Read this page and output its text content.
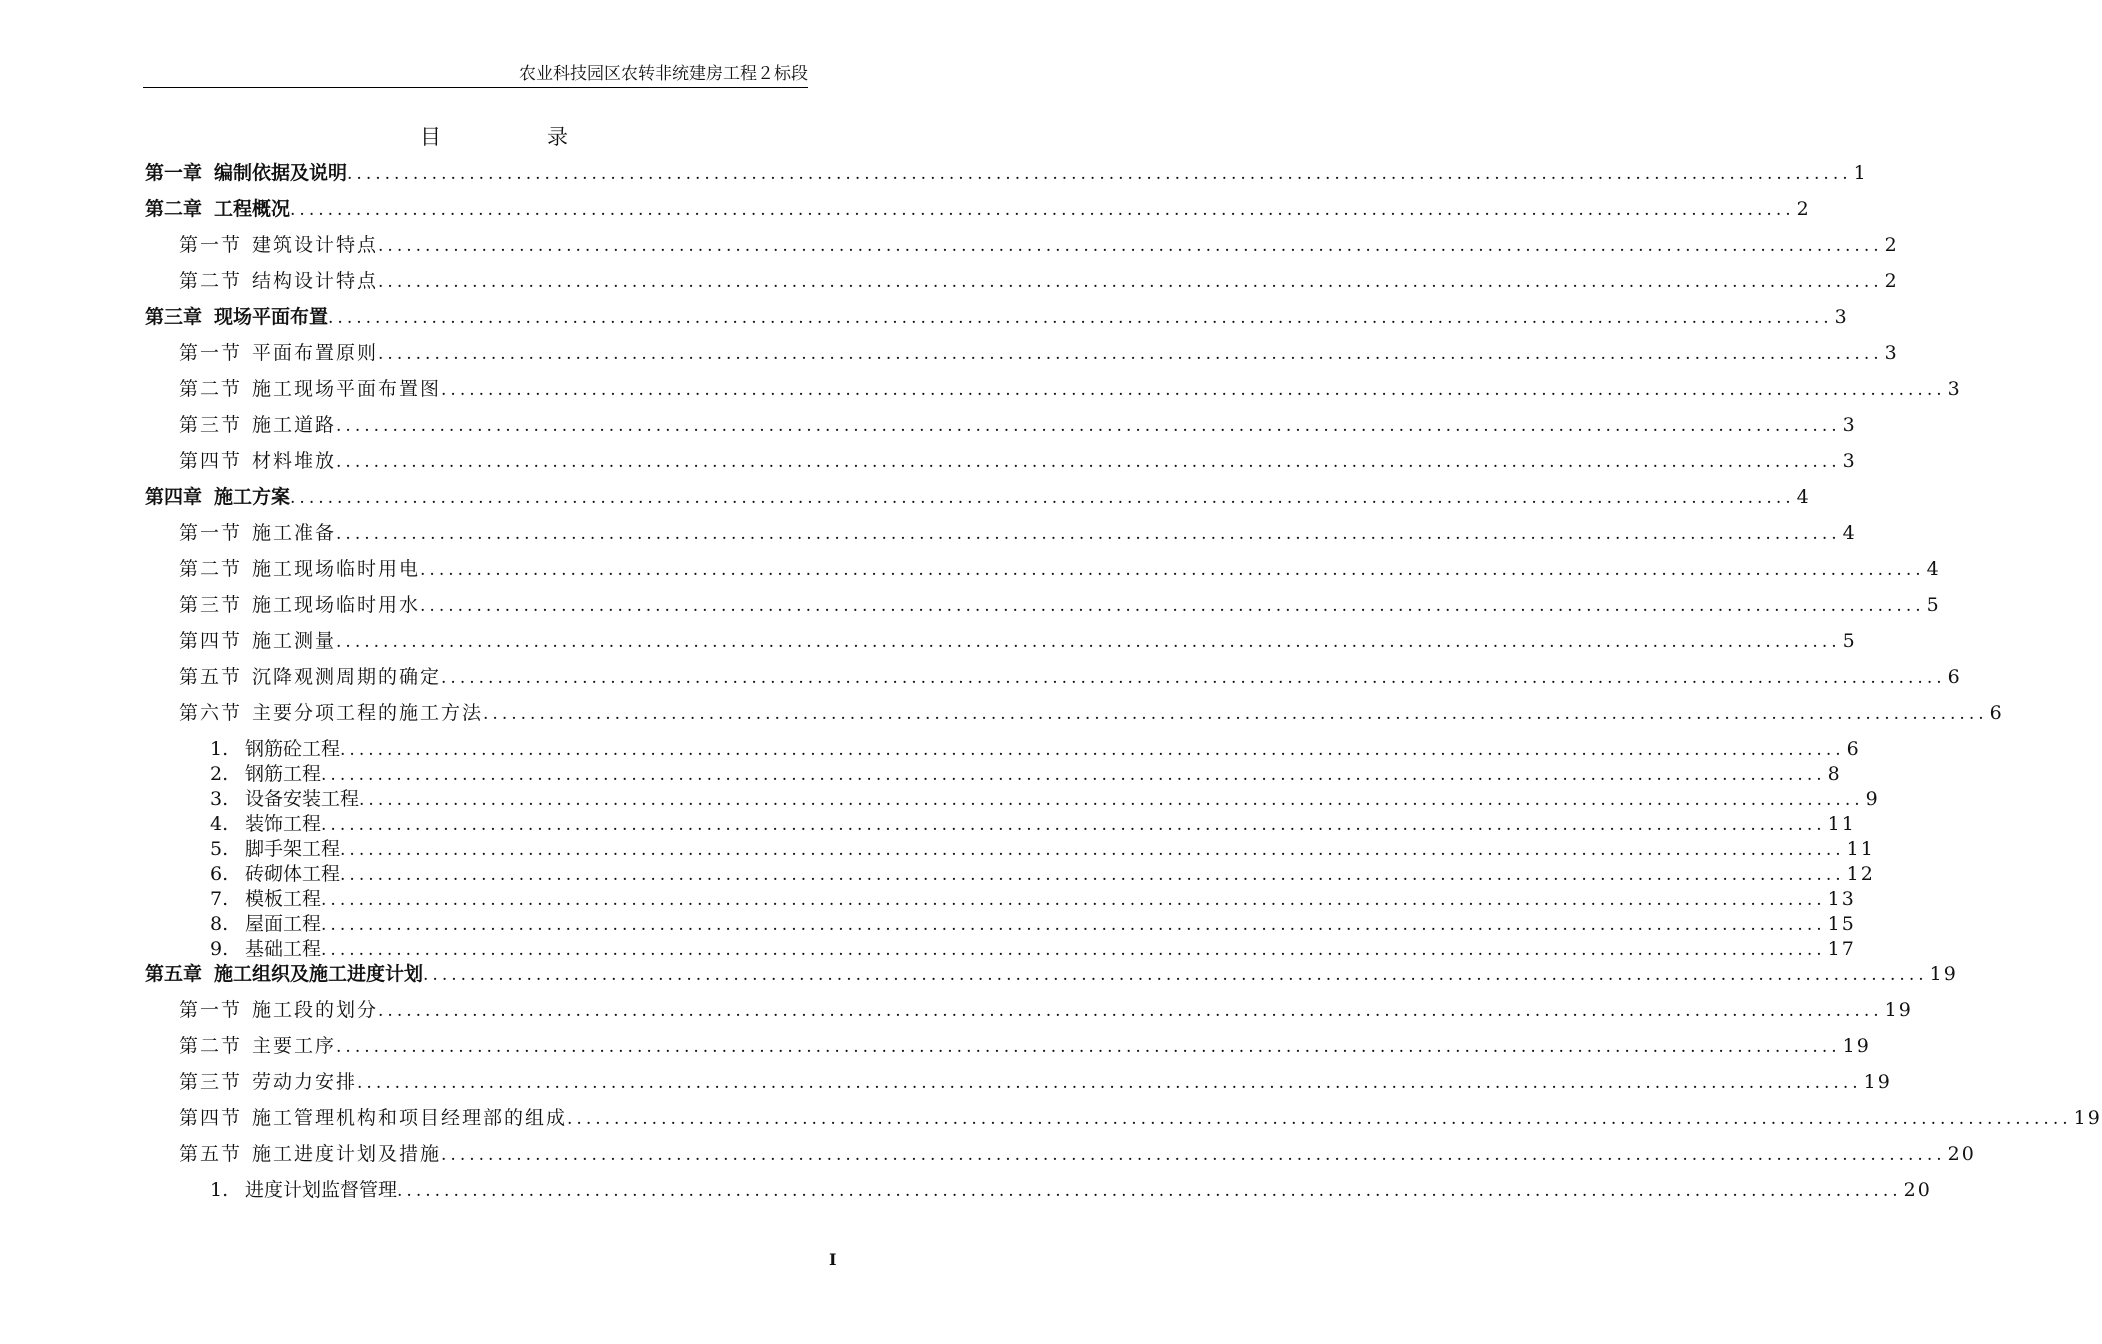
农业科技园区农转非统建房工程２标段
目	录
第一章 编制依据及说明 ................................................................................................................................................................ 1
第二章 工程概况 ................................................................................................................................................................ 2
第一节 建筑设计特点 ................................................................................................................................................................ 2
第二节 结构设计特点 ................................................................................................................................................................ 2
第三章 现场平面布置 ................................................................................................................................................................ 3
第一节 平面布置原则 ................................................................................................................................................................ 3
第二节 施工现场平面布置图 ................................................................................................................................................................ 3
第三节 施工道路 ................................................................................................................................................................ 3
第四节 材料堆放 ................................................................................................................................................................ 3
第四章 施工方案 ................................................................................................................................................................ 4
第一节 施工准备 ................................................................................................................................................................ 4
第二节 施工现场临时用电 ................................................................................................................................................................ 4
第三节 施工现场临时用水 ................................................................................................................................................................ 5
第四节 施工测量 ................................................................................................................................................................ 5
第五节 沉降观测周期的确定 ................................................................................................................................................................ 6
第六节 主要分项工程的施工方法 ................................................................................................................................................................ 6
1. 钢筋砼工程 ................................................................................................................................................................ 6
2. 钢筋工程 ................................................................................................................................................................ 8
3. 设备安装工程 ................................................................................................................................................................ 9
4. 装饰工程 ................................................................................................................................................................ 11
5. 脚手架工程 ................................................................................................................................................................ 11
6. 砖砌体工程 ................................................................................................................................................................ 12
7. 模板工程 ................................................................................................................................................................ 13
8. 屋面工程 ................................................................................................................................................................ 15
9. 基础工程 ................................................................................................................................................................ 17
第五章 施工组织及施工进度计划 ................................................................................................................................................................ 19
第一节 施工段的划分 ................................................................................................................................................................ 19
第二节 主要工序 ................................................................................................................................................................ 19
第三节 劳动力安排 ................................................................................................................................................................ 19
第四节 施工管理机构和项目经理部的组成 ................................................................................................................................................................ 19
第五节 施工进度计划及措施 ................................................................................................................................................................ 20
1. 进度计划监督管理 ................................................................................................................................................................ 20
I
